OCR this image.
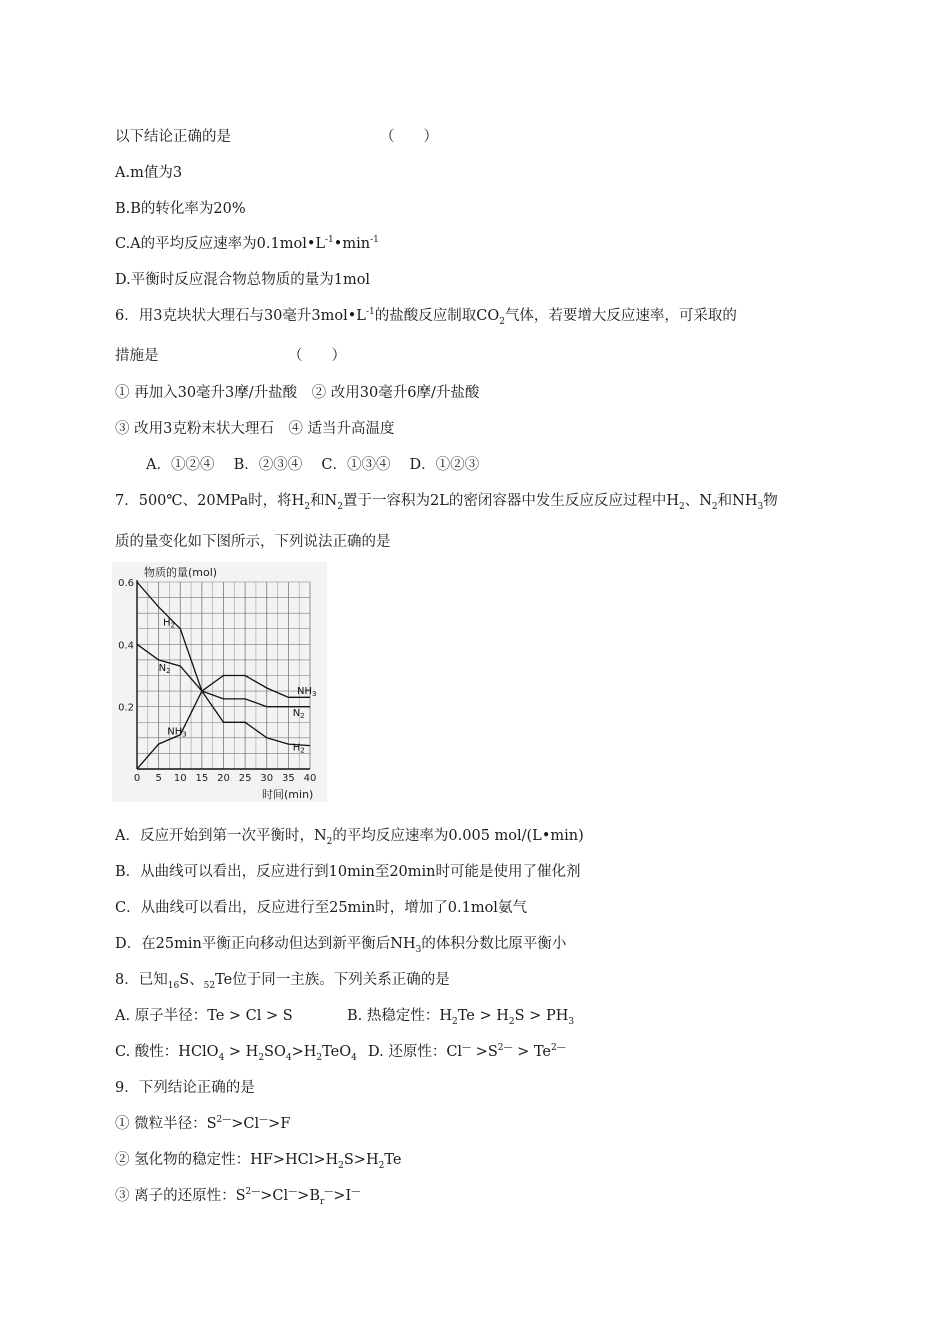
以下结论正确的是	（　　）
A.m值为3
B.B的转化率为20%
C.A的平均反应速率为$0.1mol•L^{-1}•\min^{-1}$
D.平衡时反应混合物总物质的量为1mol
6．用3克块状大理石与30毫升$3mol•L^{-1}$的盐酸反应制取$CO_2$气体，若要增大反应速率，可采取的
措施是	（　　）
① 再加入30毫升3摩/升盐酸　② 改用30毫升6摩/升盐酸
③ 改用3克粉末状大理石　④ 适当升高温度
A．①②④　 B．②③④　 C．①③④　 D．①②③
7．500℃、20MPa时，将$H_2$和$N_2$置于一容积为2L的密闭容器中发生反应反应过程中$H_2$、$N_2$和$NH_3$物
质的量变化如下图所示，下列说法正确的是
0 5 10 15 20 25 30 35 40
0.2
0.4
0.6
$H_2$
$H_2$
$N_2$
$N_2$
$NH_3$
$NH_3$
物质的量(mol)
时间(min)
A．反应开始到第一次平衡时，$N_2$的平均反应速率为0.005 mol/(L•min)
B．从曲线可以看出，反应进行到10min至20min时可能是使用了催化剂
C．从曲线可以看出，反应进行至25min时，增加了0.1mol氨气
D．在25min平衡正向移动但达到新平衡后$NH_3$的体积分数比原平衡小
8．已知$_{16}$S、$_{52}$Te位于同一主族。下列关系正确的是
A. 原子半径：Te > Cl > S	B. 热稳定性：$H_2Te > H_2S > PH_3$
C. 酸性：HClO$_4$ > $H_2SO_4>H_2TeO_4$ D. 还原性：$Cl^— >S^{2—} > Te^{2—}$
9．下列结论正确的是
① 微粒半径：$S^{2—}>Cl^—>F$
② 氢化物的稳定性：$HF>HCl>H_2S>H_2Te$
③ 离子的还原性：$S^{2—}>Cl^—>B_r^—>I^—$
